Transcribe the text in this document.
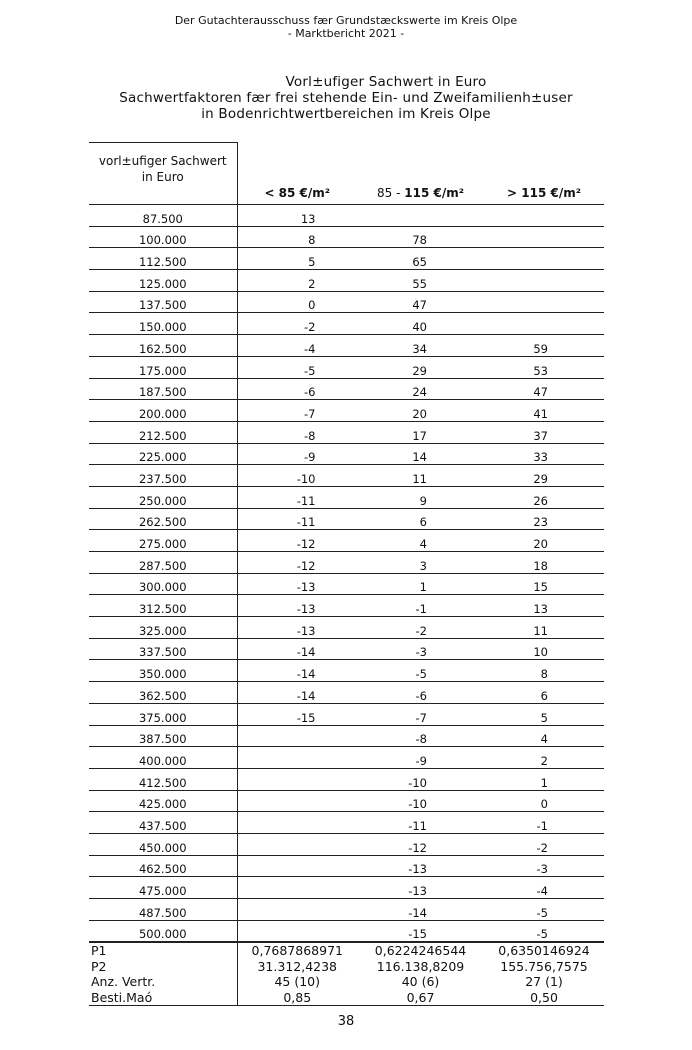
Der Gutachterausschuss fær Grundstæckswerte im Kreis Olpe
- Marktbericht 2021 -
Vorl±ufiger Sachwert in Euro
Sachwertfaktoren fær frei stehende Ein- und Zweifamilienh±user
in Bodenrichtwertbereichen im Kreis Olpe
vorl±ufiger Sachwert
in Euro	< 85 €/m²	85 - 115 €/m²	> 115 €/m²
87.500	13		
100.000	8	78	
112.500	5	65	
125.000	2	55	
137.500	0	47	
150.000	-2	40	
162.500	-4	34	59
175.000	-5	29	53
187.500	-6	24	47
200.000	-7	20	41
212.500	-8	17	37
225.000	-9	14	33
237.500	-10	11	29
250.000	-11	9	26
262.500	-11	6	23
275.000	-12	4	20
287.500	-12	3	18
300.000	-13	1	15
312.500	-13	-1	13
325.000	-13	-2	11
337.500	-14	-3	10
350.000	-14	-5	8
362.500	-14	-6	6
375.000	-15	-7	5
387.500		-8	4
400.000		-9	2
412.500		-10	1
425.000		-10	0
437.500		-11	-1
450.000		-12	-2
462.500		-13	-3
475.000		-13	-4
487.500		-14	-5
500.000		-15	-5
P1	0,7687868971	0,6224246544	0,6350146924
P2	31.312,4238	116.138,8209	155.756,7575
Anz. Vertr.	45 (10)	40 (6)	27 (1)
Besti.Maó	0,85	0,67	0,50
38
